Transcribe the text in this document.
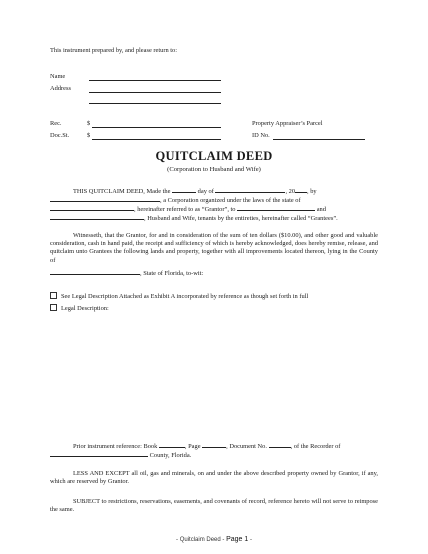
This instrument prepared by, and please return to:
Name
Address
Rec.	$
Doc.St.	$
Property Appraiser’s Parcel
ID No.
QUITCLAIM DEED
(Corporation to Husband and Wife)
THIS QUITCLAIM DEED, Made the	day of	, 20 , by
, a Corporation organized under the laws of the state of
, hereinafter referred to as “Grantor”, to	and
, Husband and Wife, tenants by the entireties, hereinafter called “Grantees”.
Witnesseth, that the Grantor, for and in consideration of the sum of ten dollars ($10.00), and other good and valuable consideration, cash in hand paid, the receipt and sufficiency of which is hereby acknowledged, does hereby remise, release, and quitclaim unto Grantees the following lands and property, together with all improvements located thereon, lying in the County of
, State of Florida, to-wit:
See Legal Description Attached as Exhibit A incorporated by reference as though set forth in full
Legal Description:
Prior instrument reference: Book	, Page	, Document No.	, of the Recorder of
County, Florida.
LESS AND EXCEPT all oil, gas and minerals, on and under the above described property owned by Grantor, if any, which are reserved by Grantor.
SUBJECT to restrictions, reservations, easements, and covenants of record, reference hereto will not serve to reimpose the same.
- Quitclaim Deed - Page 1 -
